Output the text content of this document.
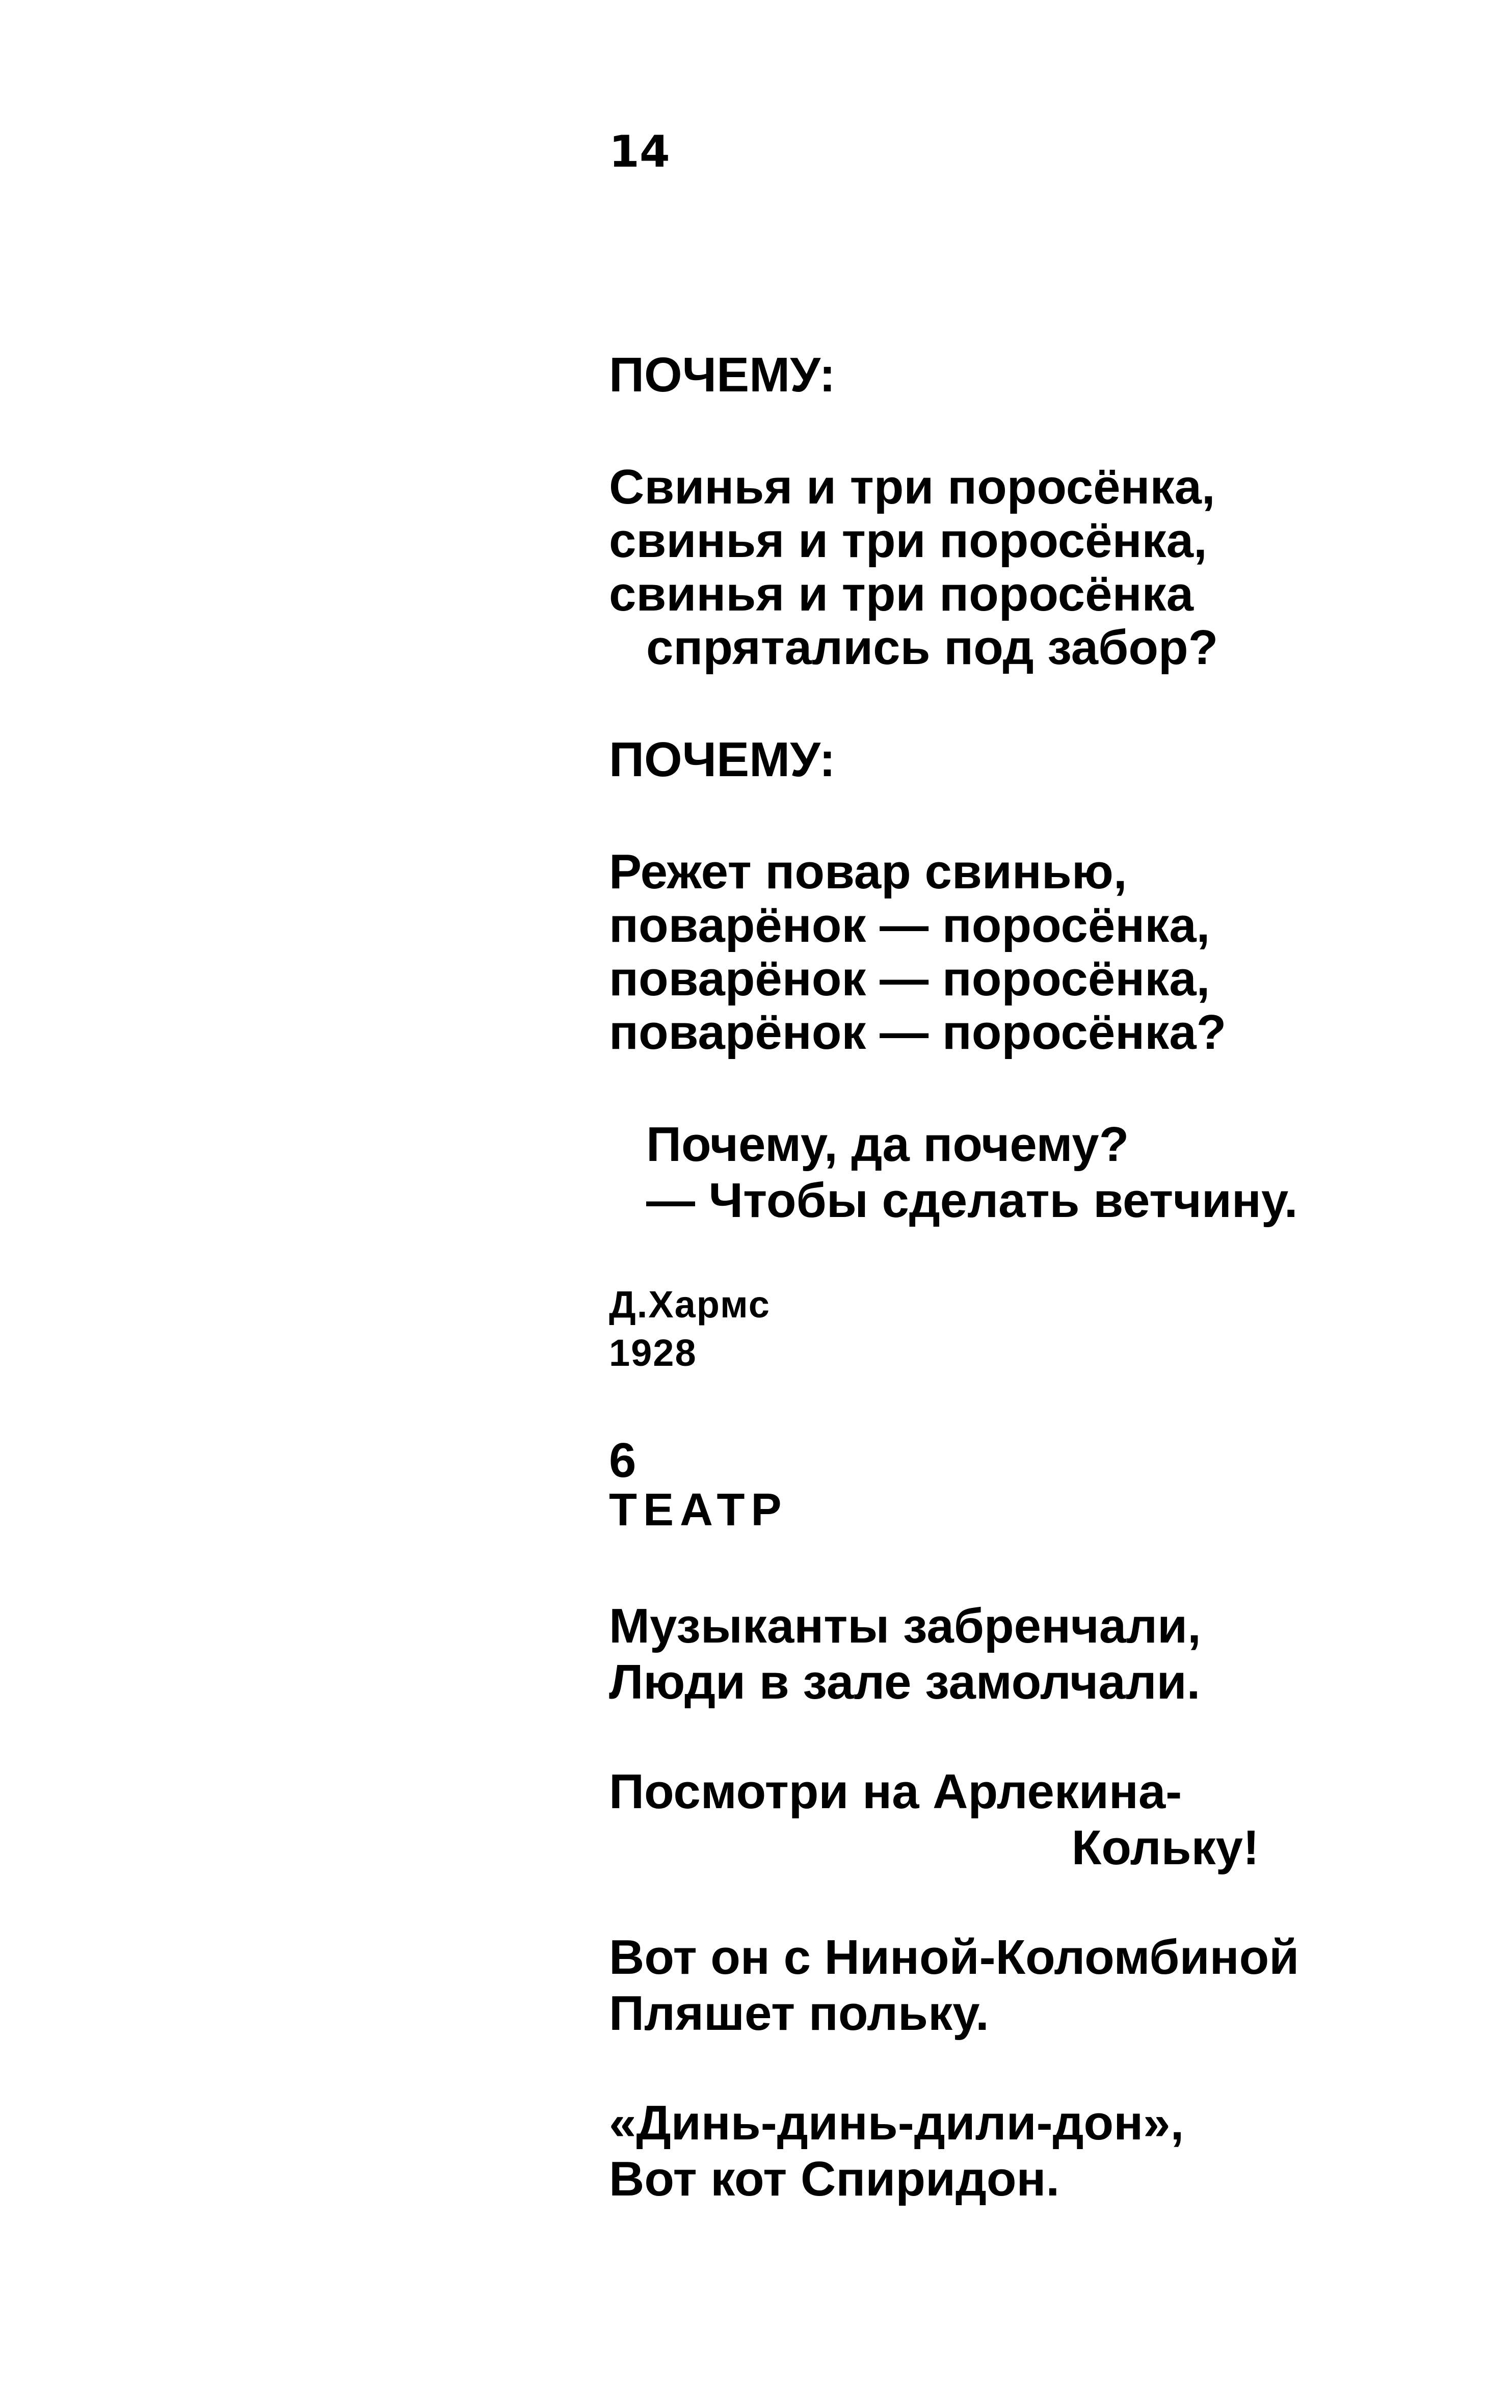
14
ПОЧЕМУ:
Свинья и три поросёнка,
свинья и три поросёнка,
свинья и три поросёнка
спрятались под забор?
ПОЧЕМУ:
Режет повар свинью,
поварёнок — поросёнка,
поварёнок — поросёнка,
поварёнок — поросёнка?
Почему, да почему?
— Чтобы сделать ветчину.
Д.Хармс
1928
6
ТЕАТР
Музыканты забренчали,
Люди в зале замолчали.
Посмотри на Арлекина-
Кольку!
Вот он с Ниной-Коломбиной
Пляшет польку.
«Динь-динь-дили-дон»,
Вот кот Спиридон.
